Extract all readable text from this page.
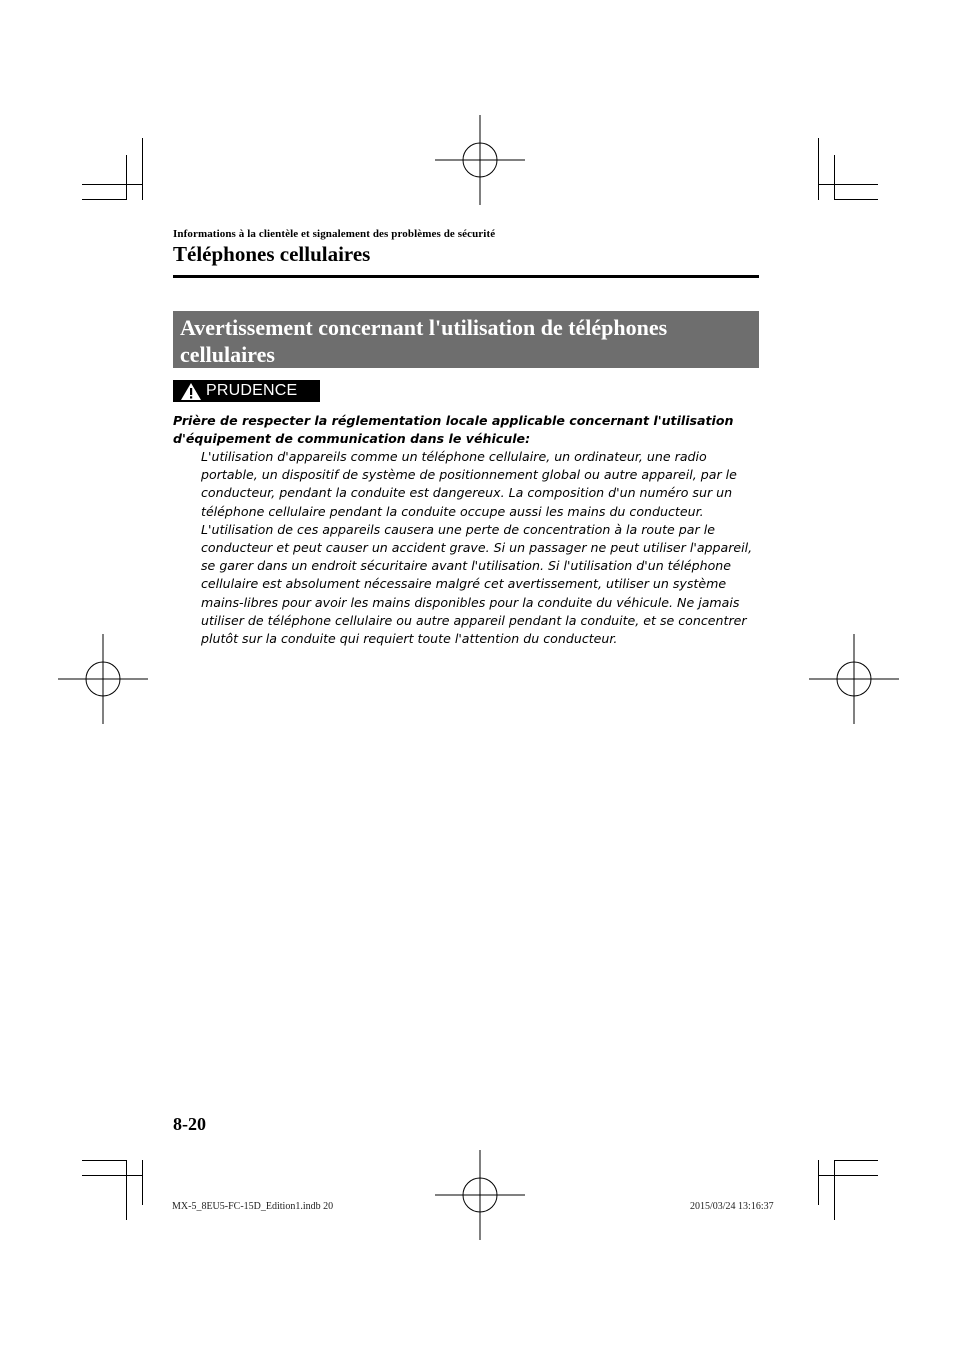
Informations à la clientèle et signalement des problèmes de sécurité
Téléphones cellulaires
Avertissement concernant l'utilisation de téléphones cellulaires
PRUDENCE

Prière de respecter la réglementation locale applicable concernant l'utilisation d'équipement de communication dans le véhicule:

L'utilisation d'appareils comme un téléphone cellulaire, un ordinateur, une radio portable, un dispositif de système de positionnement global ou autre appareil, par le conducteur, pendant la conduite est dangereux. La composition d'un numéro sur un téléphone cellulaire pendant la conduite occupe aussi les mains du conducteur. L'utilisation de ces appareils causera une perte de concentration à la route par le conducteur et peut causer un accident grave. Si un passager ne peut utiliser l'appareil, se garer dans un endroit sécuritaire avant l'utilisation. Si l'utilisation d'un téléphone cellulaire est absolument nécessaire malgré cet avertissement, utiliser un système mains-libres pour avoir les mains disponibles pour la conduite du véhicule. Ne jamais utiliser de téléphone cellulaire ou autre appareil pendant la conduite, et se concentrer plutôt sur la conduite qui requiert toute l'attention du conducteur.

8-20
MX-5_8EU5-FC-15D_Edition1.indb 20	2015/03/24 13:16:37
